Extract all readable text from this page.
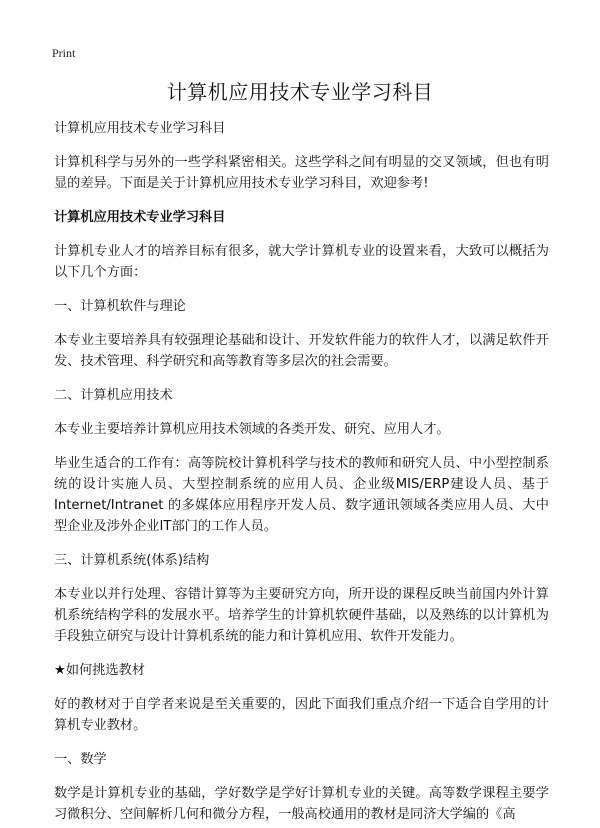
Print
计算机应用技术专业学习科目

计算机应用技术专业学习科目

计算机科学与另外的一些学科紧密相关。这些学科之间有明显的交叉领域，但也有明显的差异。下面是关于计算机应用技术专业学习科目，欢迎参考!

计算机应用技术专业学习科目

计算机专业人才的培养目标有很多，就大学计算机专业的设置来看，大致可以概括为以下几个方面：

一、计算机软件与理论

本专业主要培养具有较强理论基础和设计、开发软件能力的软件人才，以满足软件开发、技术管理、科学研究和高等教育等多层次的社会需要。

二、计算机应用技术

本专业主要培养计算机应用技术领域的各类开发、研究、应用人才。

毕业生适合的工作有：高等院校计算机科学与技术的教师和研究人员、中小型控制系统的设计实施人员、大型控制系统的应用人员、企业级MIS/ERP建设人员、基于Internet/Intranet 的多媒体应用程序开发人员、数字通讯领域各类应用人员、大中型企业及涉外企业IT部门的工作人员。

三、计算机系统(体系)结构

本专业以并行处理、容错计算等为主要研究方向，所开设的课程反映当前国内外计算机系统结构学科的发展水平。培养学生的计算机软硬件基础，以及熟练的以计算机为手段独立研究与设计计算机系统的能力和计算机应用、软件开发能力。

★如何挑选教材

好的教材对于自学者来说是至关重要的，因此下面我们重点介绍一下适合自学用的计算机专业教材。

一、数学

数学是计算机专业的基础，学好数学是学好计算机专业的关键。高等数学课程主要学习微积分、空间解析几何和微分方程，一般高校通用的教材是同济大学编的《高
